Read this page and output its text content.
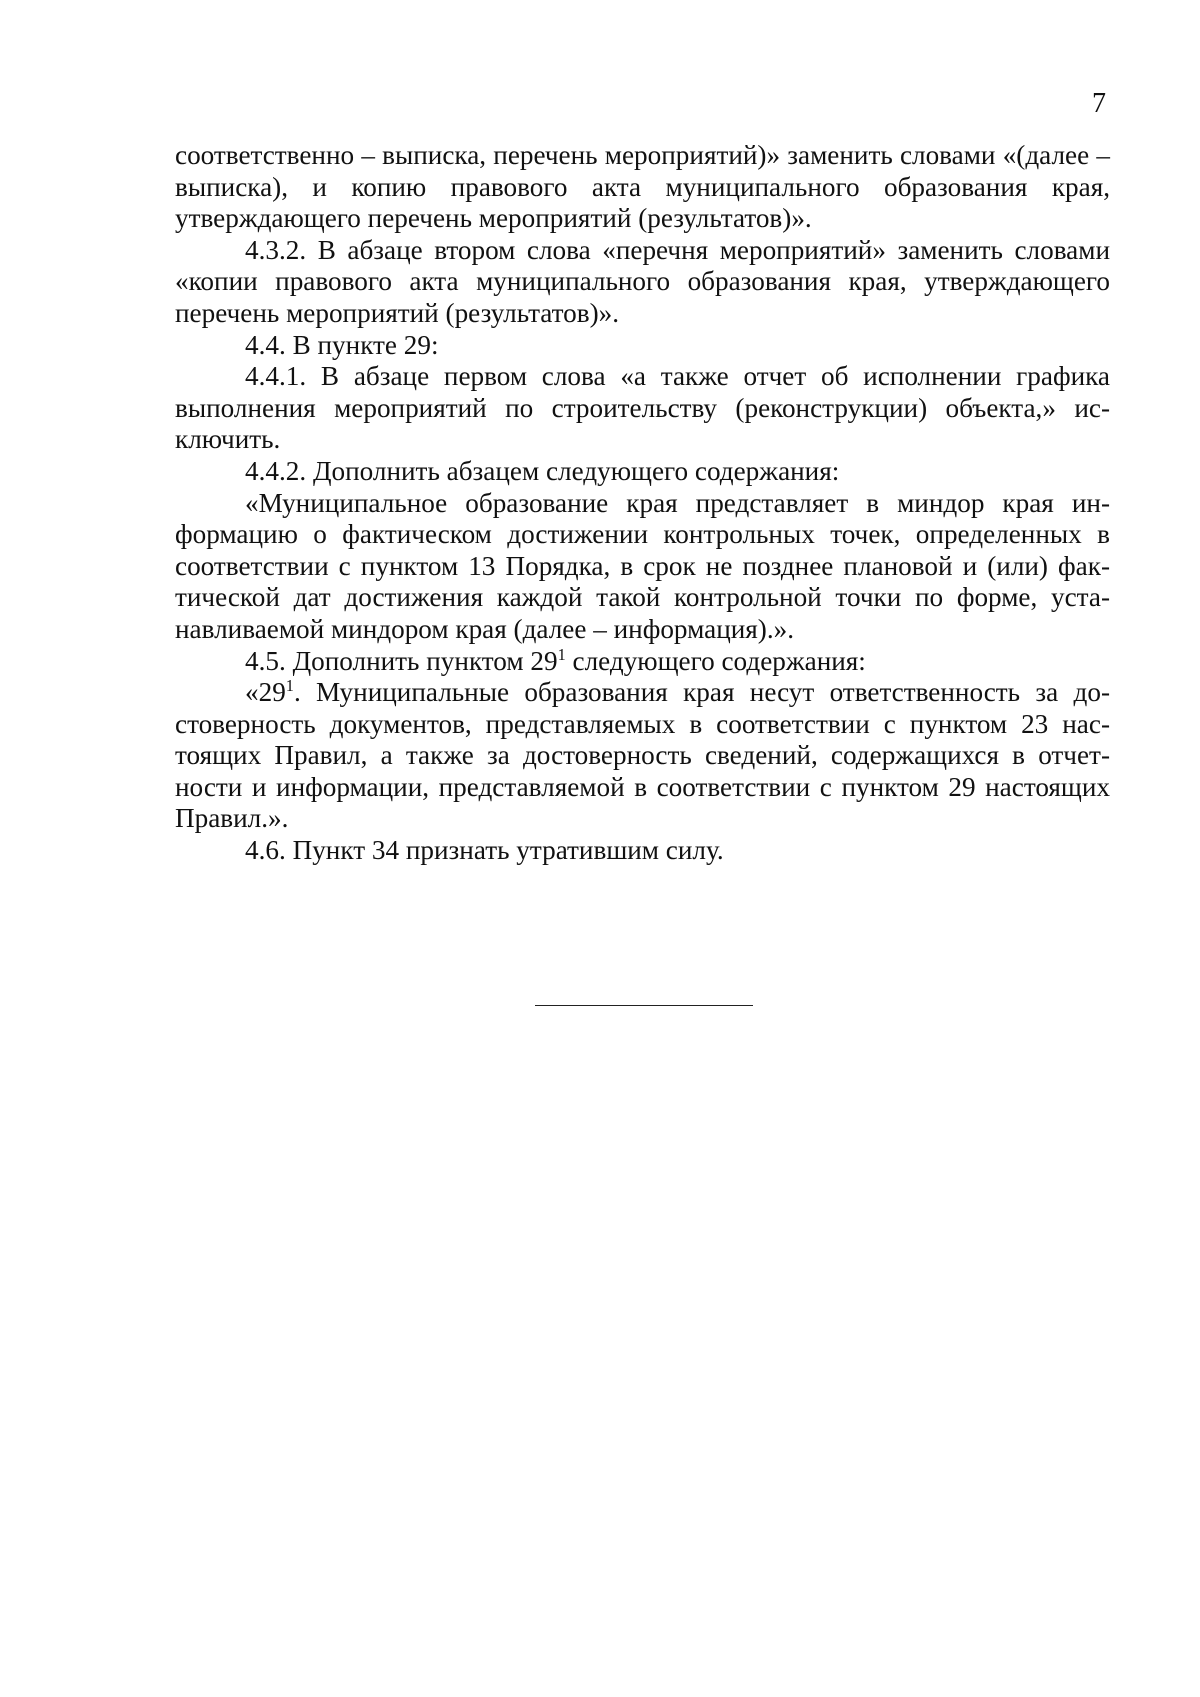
7

соответственно – выписка, перечень мероприятий)» заменить словами «(далее – выписка), и копию правового акта муниципального образования края, утверждающего перечень мероприятий (результатов)».

4.3.2. В абзаце втором слова «перечня мероприятий» заменить словами «копии правового акта муниципального образования края, утверждающего перечень мероприятий (результатов)».

4.4. В пункте 29:

4.4.1. В абзаце первом слова «а также отчет об исполнении графика выполнения мероприятий по строительству (реконструкции) объекта,» исключить.

4.4.2. Дополнить абзацем следующего содержания:

«Муниципальное образование края представляет в миндор края информацию о фактическом достижении контрольных точек, определенных в соответствии с пунктом 13 Порядка, в срок не позднее плановой и (или) фактической дат достижения каждой такой контрольной точки по форме, устанавливаемой миндором края (далее – информация).».

4.5. Дополнить пунктом $29^1$ следующего содержания:

«$29^1$. Муниципальные образования края несут ответственность за достоверность документов, представляемых в соответствии с пунктом 23 настоящих Правил, а также за достоверность сведений, содержащихся в отчетности и информации, представляемой в соответствии с пунктом 29 настоящих Правил.».

4.6. Пункт 34 признать утратившим силу.
